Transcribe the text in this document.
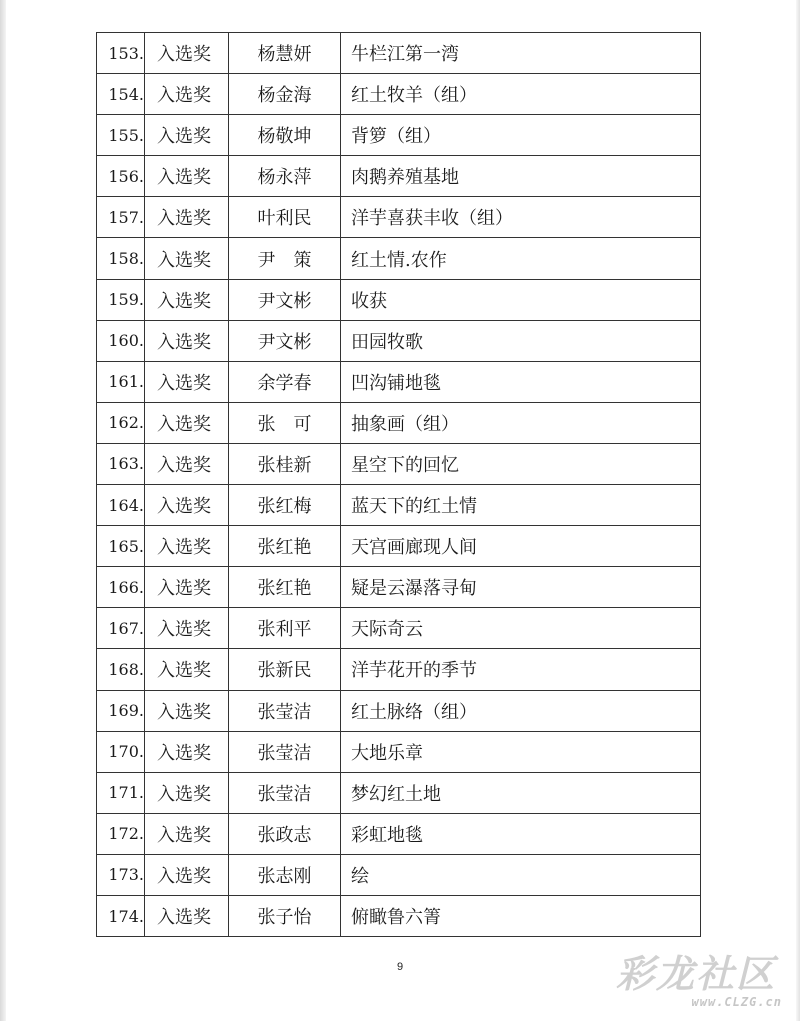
153.	入选奖	杨慧妍	牛栏江第一湾
154.	入选奖	杨金海	红土牧羊（组）
155.	入选奖	杨敬坤	背箩（组）
156.	入选奖	杨永萍	肉鹅养殖基地
157.	入选奖	叶利民	洋芋喜获丰收（组）
158.	入选奖	尹　策	红土情.农作
159.	入选奖	尹文彬	收获
160.	入选奖	尹文彬	田园牧歌
161.	入选奖	余学春	凹沟铺地毯
162.	入选奖	张　可	抽象画（组）
163.	入选奖	张桂新	星空下的回忆
164.	入选奖	张红梅	蓝天下的红土情
165.	入选奖	张红艳	天宫画廊现人间
166.	入选奖	张红艳	疑是云瀑落寻甸
167.	入选奖	张利平	天际奇云
168.	入选奖	张新民	洋芋花开的季节
169.	入选奖	张莹洁	红土脉络（组）
170.	入选奖	张莹洁	大地乐章
171.	入选奖	张莹洁	梦幻红土地
172.	入选奖	张政志	彩虹地毯
173.	入选奖	张志刚	绘
174.	入选奖	张子怡	俯瞰鲁六箐
9	彩龙社区
www.CLZG.cn
